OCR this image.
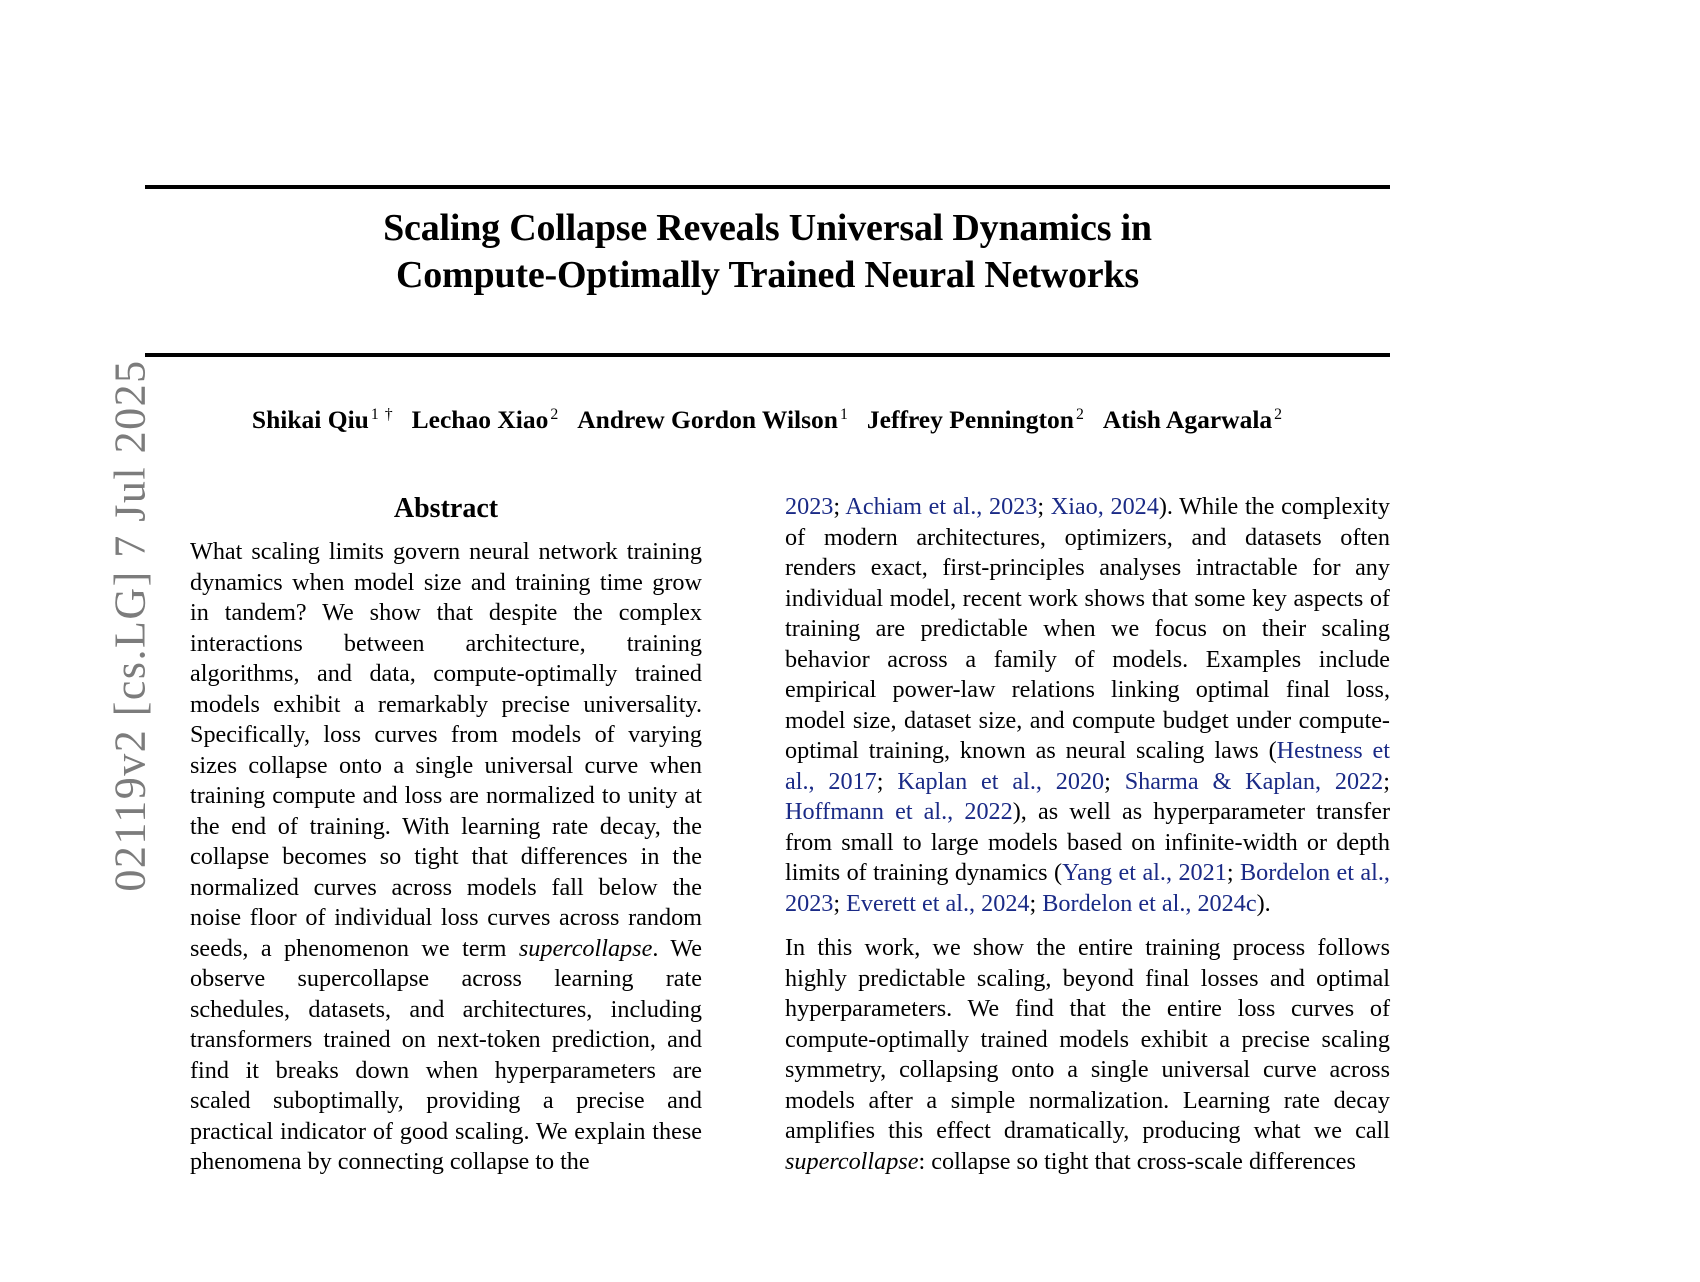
02119v2 [cs.LG] 7 Jul 2025
Scaling Collapse Reveals Universal Dynamics in
Compute-Optimally Trained Neural Networks
Shikai Qiu $^{1 \dagger}$ Lechao Xiao $^2$ Andrew Gordon Wilson $^1$ Jeffrey Pennington $^2$ Atish Agarwala $^2$
Abstract

What scaling limits govern neural network training dynamics when model size and training time grow in tandem? We show that despite the complex interactions between architecture, training algorithms, and data, compute-optimally trained models exhibit a remarkably precise universality. Specifically, loss curves from models of varying sizes collapse onto a single universal curve when training compute and loss are normalized to unity at the end of training. With learning rate decay, the collapse becomes so tight that differences in the normalized curves across models fall below the noise floor of individual loss curves across random seeds, a phenomenon we term supercollapse. We observe supercollapse across learning rate schedules, datasets, and architectures, including transformers trained on next-token prediction, and find it breaks down when hyperparameters are scaled suboptimally, providing a precise and practical indicator of good scaling. We explain these phenomena by connecting collapse to the

2023; Achiam et al., 2023; Xiao, 2024). While the complexity of modern architectures, optimizers, and datasets often renders exact, first-principles analyses intractable for any individual model, recent work shows that some key aspects of training are predictable when we focus on their scaling behavior across a family of models. Examples include empirical power-law relations linking optimal final loss, model size, dataset size, and compute budget under compute-optimal training, known as neural scaling laws (Hestness et al., 2017; Kaplan et al., 2020; Sharma & Kaplan, 2022; Hoffmann et al., 2022), as well as hyperparameter transfer from small to large models based on infinite-width or depth limits of training dynamics (Yang et al., 2021; Bordelon et al., 2023; Everett et al., 2024; Bordelon et al., 2024c).

In this work, we show the entire training process follows highly predictable scaling, beyond final losses and optimal hyperparameters. We find that the entire loss curves of compute-optimally trained models exhibit a precise scaling symmetry, collapsing onto a single universal curve across models after a simple normalization. Learning rate decay amplifies this effect dramatically, producing what we call supercollapse: collapse so tight that cross-scale differences
